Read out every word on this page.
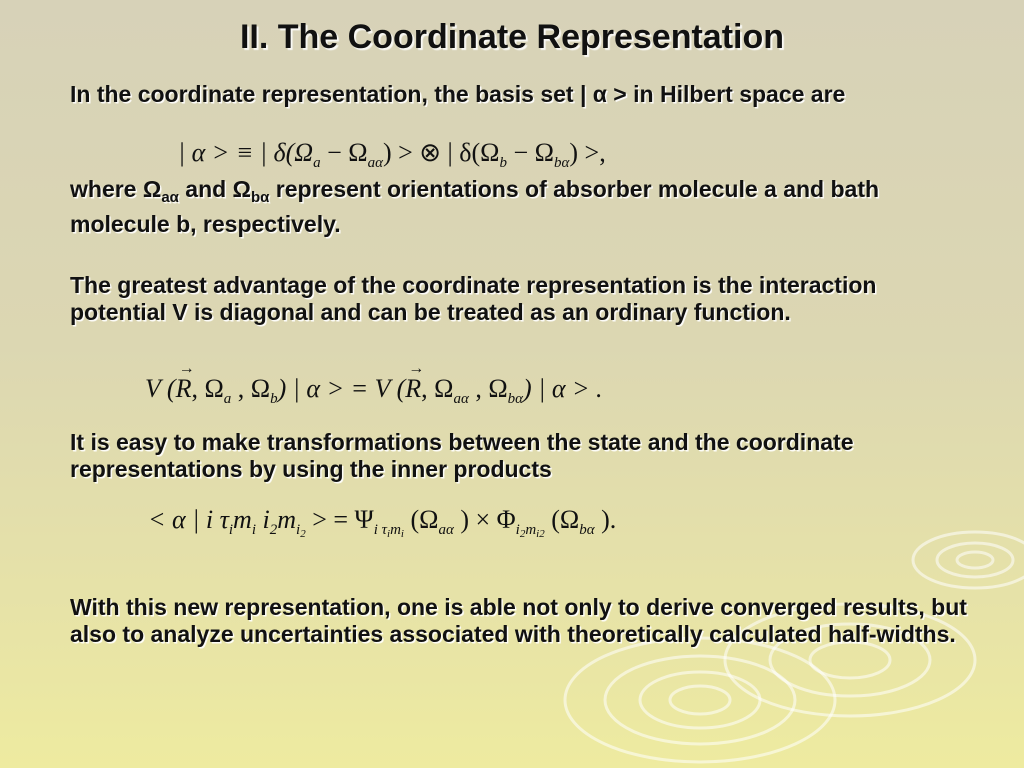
II. The Coordinate Representation
In the coordinate representation, the basis set | α > in Hilbert space are
| α > ≡ | $\delta(\Omega_a - \Omega_{a\alpha})$ > ⊗ | $\delta(\Omega_b - \Omega_{b\alpha})$ >,
where $\Omega_{a\alpha}$ and $\Omega_{b\alpha}$ represent orientations of absorber molecule a and bath molecule b, respectively.
The greatest advantage of the coordinate representation is the interaction potential V is diagonal and can be treated as an ordinary function.
V (→ R, $\Omega_a$ , $\Omega_b$) | α > = V (→ R, $\Omega_{a\alpha}$ , $\Omega_{b\alpha}$) | α > .
It is easy to make transformations between the state and the coordinate representations by using the inner products
< α | i $\tau_im_i$ $i_2m_{i_2}$ > = $\Psi_{i \tau_im_i}$ ($\Omega_{a\alpha}$ ) × $\Phi_{i_2m_{i2}}$ ($\Omega_{b\alpha}$ ).
With this new representation, one is able not only to derive converged results, but also to analyze uncertainties associated with theoretically calculated half-widths.
